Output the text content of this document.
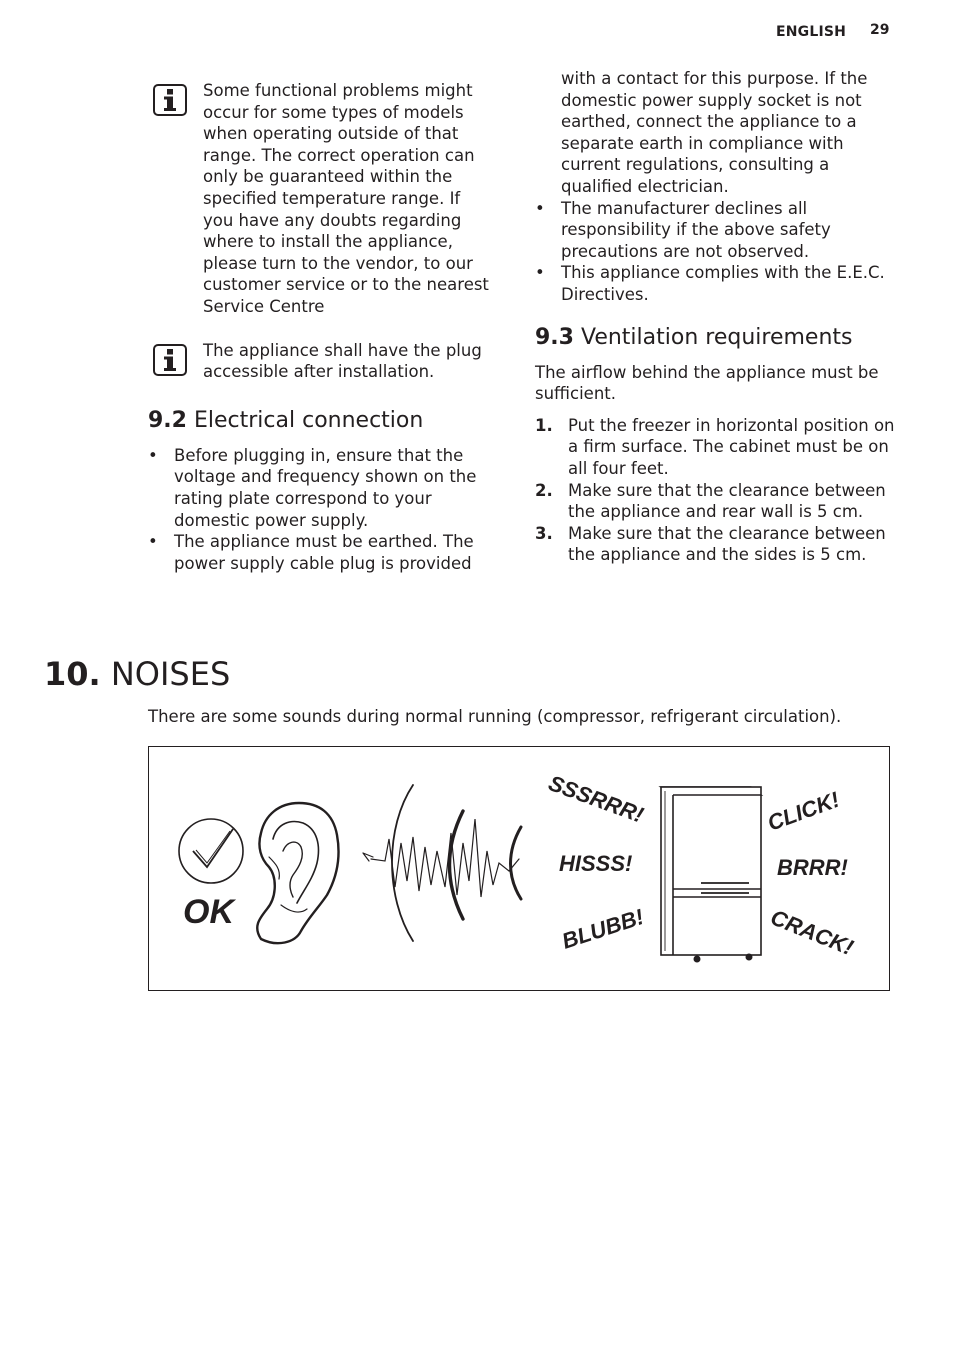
ENGLISH 29

Some functional problems might occur for some types of models when operating outside of that range. The correct operation can only be guaranteed within the specified temperature range. If you have any doubts regarding where to install the appliance, please turn to the vendor, to our customer service or to the nearest Service Centre

The appliance shall have the plug accessible after installation.

9.2 Electrical connection
• Before plugging in, ensure that the voltage and frequency shown on the rating plate correspond to your domestic power supply.
• The appliance must be earthed. The power supply cable plug is provided

with a contact for this purpose. If the domestic power supply socket is not earthed, connect the appliance to a separate earth in compliance with current regulations, consulting a qualified electrician.

• The manufacturer declines all responsibility if the above safety precautions are not observed.
• This appliance complies with the E.E.C. Directives.
9.3 Ventilation requirements

The airflow behind the appliance must be sufficient.

1. Put the freezer in horizontal position on a firm surface. The cabinet must be on all four feet.
2. Make sure that the clearance between the appliance and rear wall is 5 cm.
3. Make sure that the clearance between the appliance and the sides is 5 cm.
10. NOISES

There are some sounds during normal running (compressor, refrigerant circulation).

OK
SSSRRR!
HISSS!
BLUBB!
CLICK!
BRRR!
CRACK!
